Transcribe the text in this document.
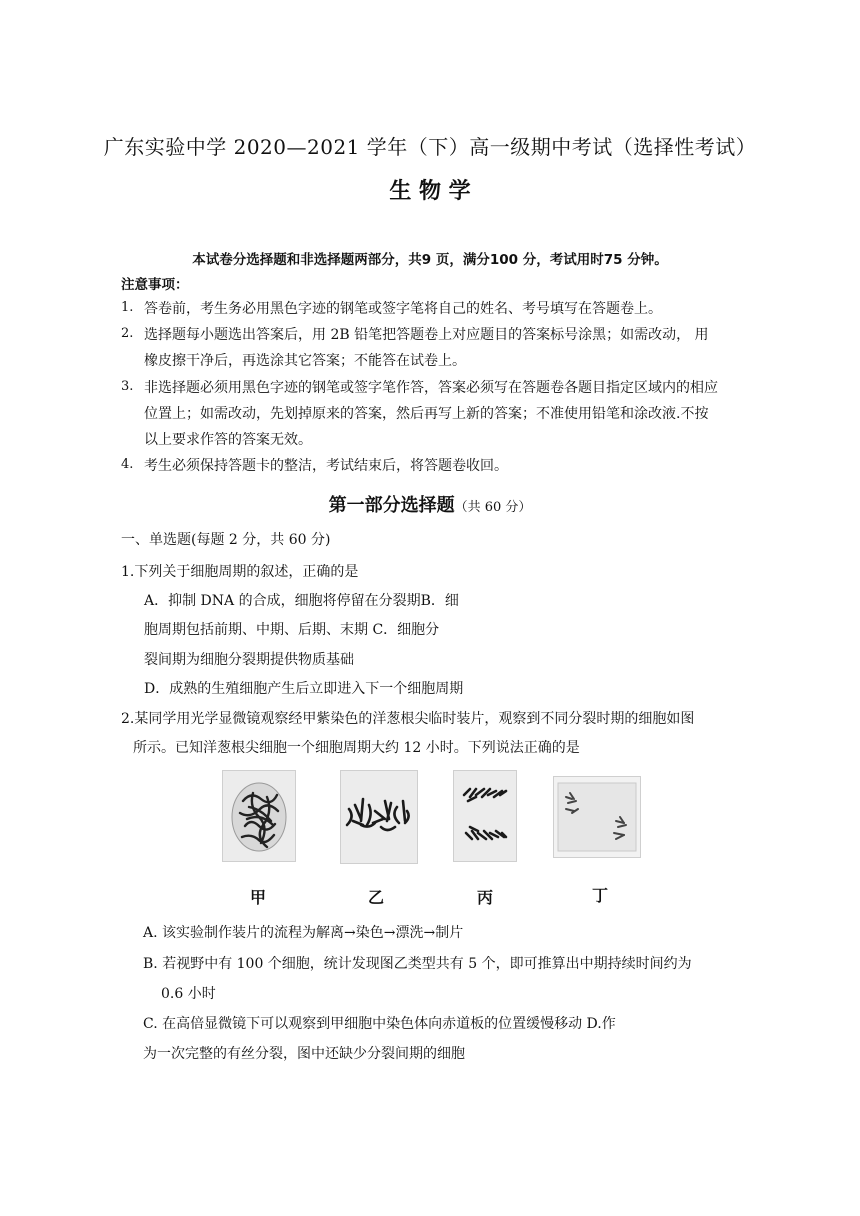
广东实验中学 2020—2021 学年（下）高一级期中考试（选择性考试）
生 物 学
本试卷分选择题和非选择题两部分，共9 页，满分100 分，考试用时75 分钟。
注意事项：
1. 答卷前，考生务必用黑色字迹的钢笔或签字笔将自己的姓名、考号填写在答题卷上。
2. 选择题每小题选出答案后，用 2B 铅笔把答题卷上对应题目的答案标号涂黑；如需改动， 用
橡皮擦干净后，再选涂其它答案；不能答在试卷上。
3. 非选择题必须用黑色字迹的钢笔或签字笔作答，答案必须写在答题卷各题目指定区域内的相应
位置上；如需改动，先划掉原来的答案，然后再写上新的答案；不准使用铅笔和涂改液.不按
以上要求作答的答案无效。
4. 考生必须保持答题卡的整洁，考试结束后，将答题卷收回。
第一部分选择题（共 60 分）
一、单选题(每题 2 分，共 60 分)
1.下列关于细胞周期的叙述，正确的是
A．抑制 DNA 的合成，细胞将停留在分裂期B．细
胞周期包括前期、中期、后期、末期 C．细胞分
裂间期为细胞分裂期提供物质基础
D．成熟的生殖细胞产生后立即进入下一个细胞周期
2.某同学用光学显微镜观察经甲紫染色的洋葱根尖临时装片，观察到不同分裂时期的细胞如图
所示。已知洋葱根尖细胞一个细胞周期大约 12 小时。下列说法正确的是
甲	乙	丙	丁
A. 该实验制作装片的流程为解离→染色→漂洗→制片
B. 若视野中有 100 个细胞，统计发现图乙类型共有 5 个，即可推算出中期持续时间约为
0.6 小时
C. 在高倍显微镜下可以观察到甲细胞中染色体向赤道板的位置缓慢移动 D.作
为一次完整的有丝分裂，图中还缺少分裂间期的细胞
